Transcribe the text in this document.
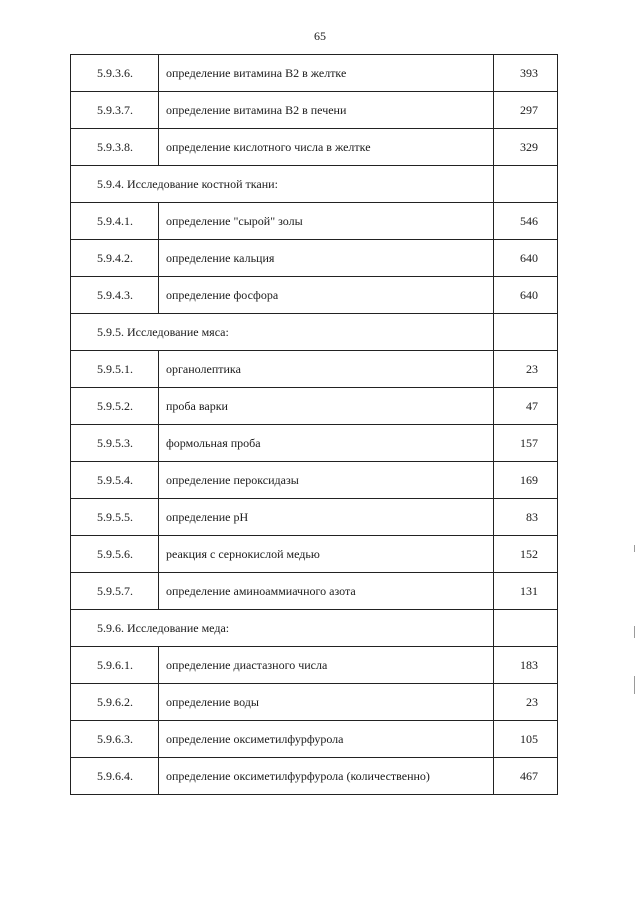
65
5.9.3.6.	определение витамина В2 в желтке	393
5.9.3.7.	определение витамина В2 в печени	297
5.9.3.8.	определение кислотного числа в желтке	329
5.9.4. Исследование костной ткани:		
5.9.4.1.	определение "сырой" золы	546
5.9.4.2.	определение кальция	640
5.9.4.3.	определение фосфора	640
5.9.5. Исследование мяса:		
5.9.5.1.	органолептика	23
5.9.5.2.	проба варки	47
5.9.5.3.	формольная проба	157
5.9.5.4.	определение пероксидазы	169
5.9.5.5.	определение pH	83
5.9.5.6.	реакция с сернокислой медью	152
5.9.5.7.	определение аминоаммиачного азота	131
5.9.6. Исследование меда:		
5.9.6.1.	определение диастазного числа	183
5.9.6.2.	определение воды	23
5.9.6.3.	определение оксиметилфурфурола	105
5.9.6.4.	определение оксиметилфурфурола (количественно)	467
